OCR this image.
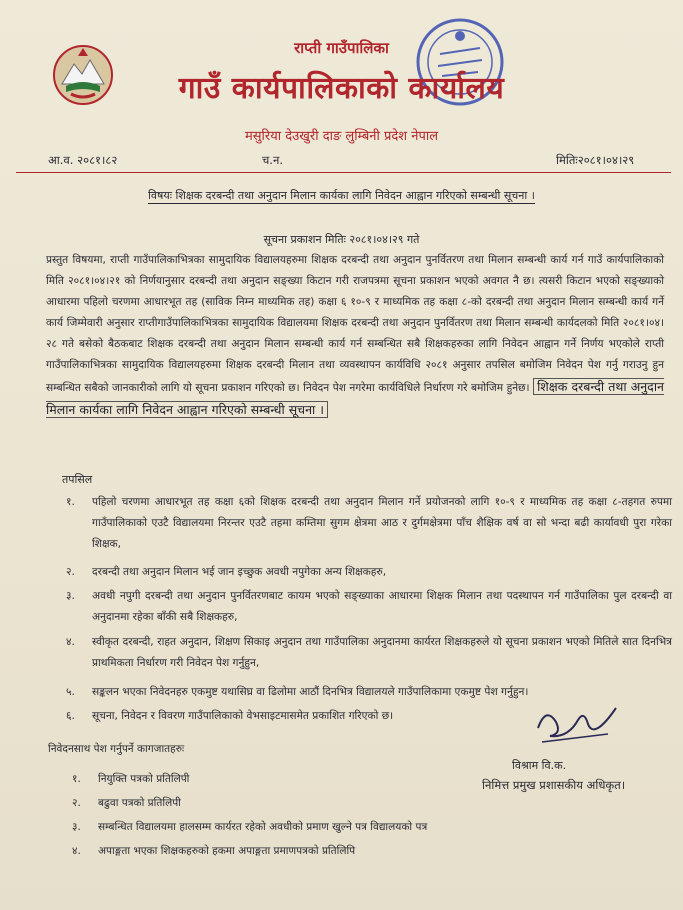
राप्ती गाउँपालिका
गाउँ कार्यपालिकाको कार्यालय
मसुरिया देउखुरी दाङ लुम्बिनी प्रदेश नेपाल
आ.व. २०८१।८२	च.न.	मितिः२०८१।०४।२९
विषयः शिक्षक दरबन्दी तथा अनुदान मिलान कार्यका लागि निवेदन आह्वान गरिएको सम्बन्धी सूचना ।
सूचना प्रकाशन मितिः २०८१।०४।२९ गते
प्रस्तुत विषयमा, राप्ती गाउँपालिकाभित्रका सामुदायिक विद्यालयहरुमा शिक्षक दरबन्दी तथा अनुदान पुनर्वितरण तथा मिलान सम्बन्धी कार्य गर्न गाउँ कार्यपालिकाको मिति २०८१।०४।२१ को निर्णयानुसार दरबन्दी तथा अनुदान सङ्ख्या किटान गरी राजपत्रमा सूचना प्रकाशन भएको अवगत नै छ। त्यसरी किटान भएको सङ्ख्याको आधारमा पहिलो चरणमा आधारभूत तह (साविक निम्न माध्यमिक तह) कक्षा ६ १०-९ र माध्यमिक तह कक्षा ८-को दरबन्दी तथा अनुदान मिलान सम्बन्धी कार्य गर्ने कार्य जिम्मेवारी अनुसार राप्तीगाउँपालिकाभित्रका सामुदायिक विद्यालयमा शिक्षक दरबन्दी तथा अनुदान पुनर्वितरण तथा मिलान सम्बन्धी कार्यदलको मिति २०८१।०४।२८ गते बसेको बैठकबाट शिक्षक दरबन्दी तथा अनुदान मिलान सम्बन्धी कार्य गर्न सम्बन्धित सबै शिक्षकहरुका लागि निवेदन आह्वान गर्ने निर्णय भएकोले राप्ती गाउँपालिकाभित्रका सामुदायिक विद्यालयहरुमा शिक्षक दरबन्दी मिलान तथा व्यवस्थापन कार्यविधि २०८१ अनुसार तपसिल बमोजिम निवेदन पेश गर्नु गराउनु हुन सम्बन्धित सबैको जानकारीको लागि यो सूचना प्रकाशन गरिएको छ। निवेदन पेश नगरेमा कार्यविधिले निर्धारण गरे बमोजिम हुनेछ। शिक्षक दरबन्दी तथा अनुदान मिलान कार्यका लागि निवेदन आह्वान गरिएको सम्बन्धी सूचना ।
तपसिल
१.	पहिलो चरणमा आधारभूत तह कक्षा ६को शिक्षक दरबन्दी तथा अनुदान मिलान गर्ने प्रयोजनको लागि १०-९ र माध्यमिक तह कक्षा ८-तहगत रुपमा गाउँपालिकाको एउटै विद्यालयमा निरन्तर एउटै तहमा कम्तिमा सुगम क्षेत्रमा आठ र दुर्गमक्षेत्रमा पाँच शैक्षिक वर्ष वा सो भन्दा बढी कार्यावधी पुरा गरेका शिक्षक,
२.	दरबन्दी तथा अनुदान मिलान भई जान इच्छुक अवधी नपुगेका अन्य शिक्षकहरु,
३.	अवधी नपुगी दरबन्दी तथा अनुदान पुनर्वितरणबाट कायम भएको सङ्ख्याका आधारमा शिक्षक मिलान तथा पदस्थापन गर्न गाउँपालिका पुल दरबन्दी वा अनुदानमा रहेका बाँकी सबै शिक्षकहरु,
४.	स्वीकृत दरबन्दी, राहत अनुदान, शिक्षण सिकाइ अनुदान तथा गाउँपालिका अनुदानमा कार्यरत शिक्षकहरुले यो सूचना प्रकाशन भएको मितिले सात दिनभित्र प्राथमिकता निर्धारण गरी निवेदन पेश गर्नुहुन,
५.	सङ्कलन भएका निवेदनहरु एकमुष्ट यथासिघ्र वा ढिलोमा आठौं दिनभित्र विद्यालयले गाउँपालिकामा एकमुष्ट पेश गर्नुहुन।
६.	सूचना, निवेदन र विवरण गाउँपालिकाको वेभसाइटमासमेत प्रकाशित गरिएको छ।
निवेदनसाथ पेश गर्नुपर्ने कागजातहरुः
१. नियुक्ति पत्रको प्रतिलिपी
२. बढुवा पत्रको प्रतिलिपी
३. सम्बन्धित विद्यालयमा हालसम्म कार्यरत रहेको अवधीको प्रमाण खुल्ने पत्र विद्यालयको पत्र
४. अपाङ्गता भएका शिक्षकहरुको हकमा अपाङ्गता प्रमाणपत्रको प्रतिलिपि
विश्राम वि.क.
निमित्त प्रमुख प्रशासकीय अधिकृत।
